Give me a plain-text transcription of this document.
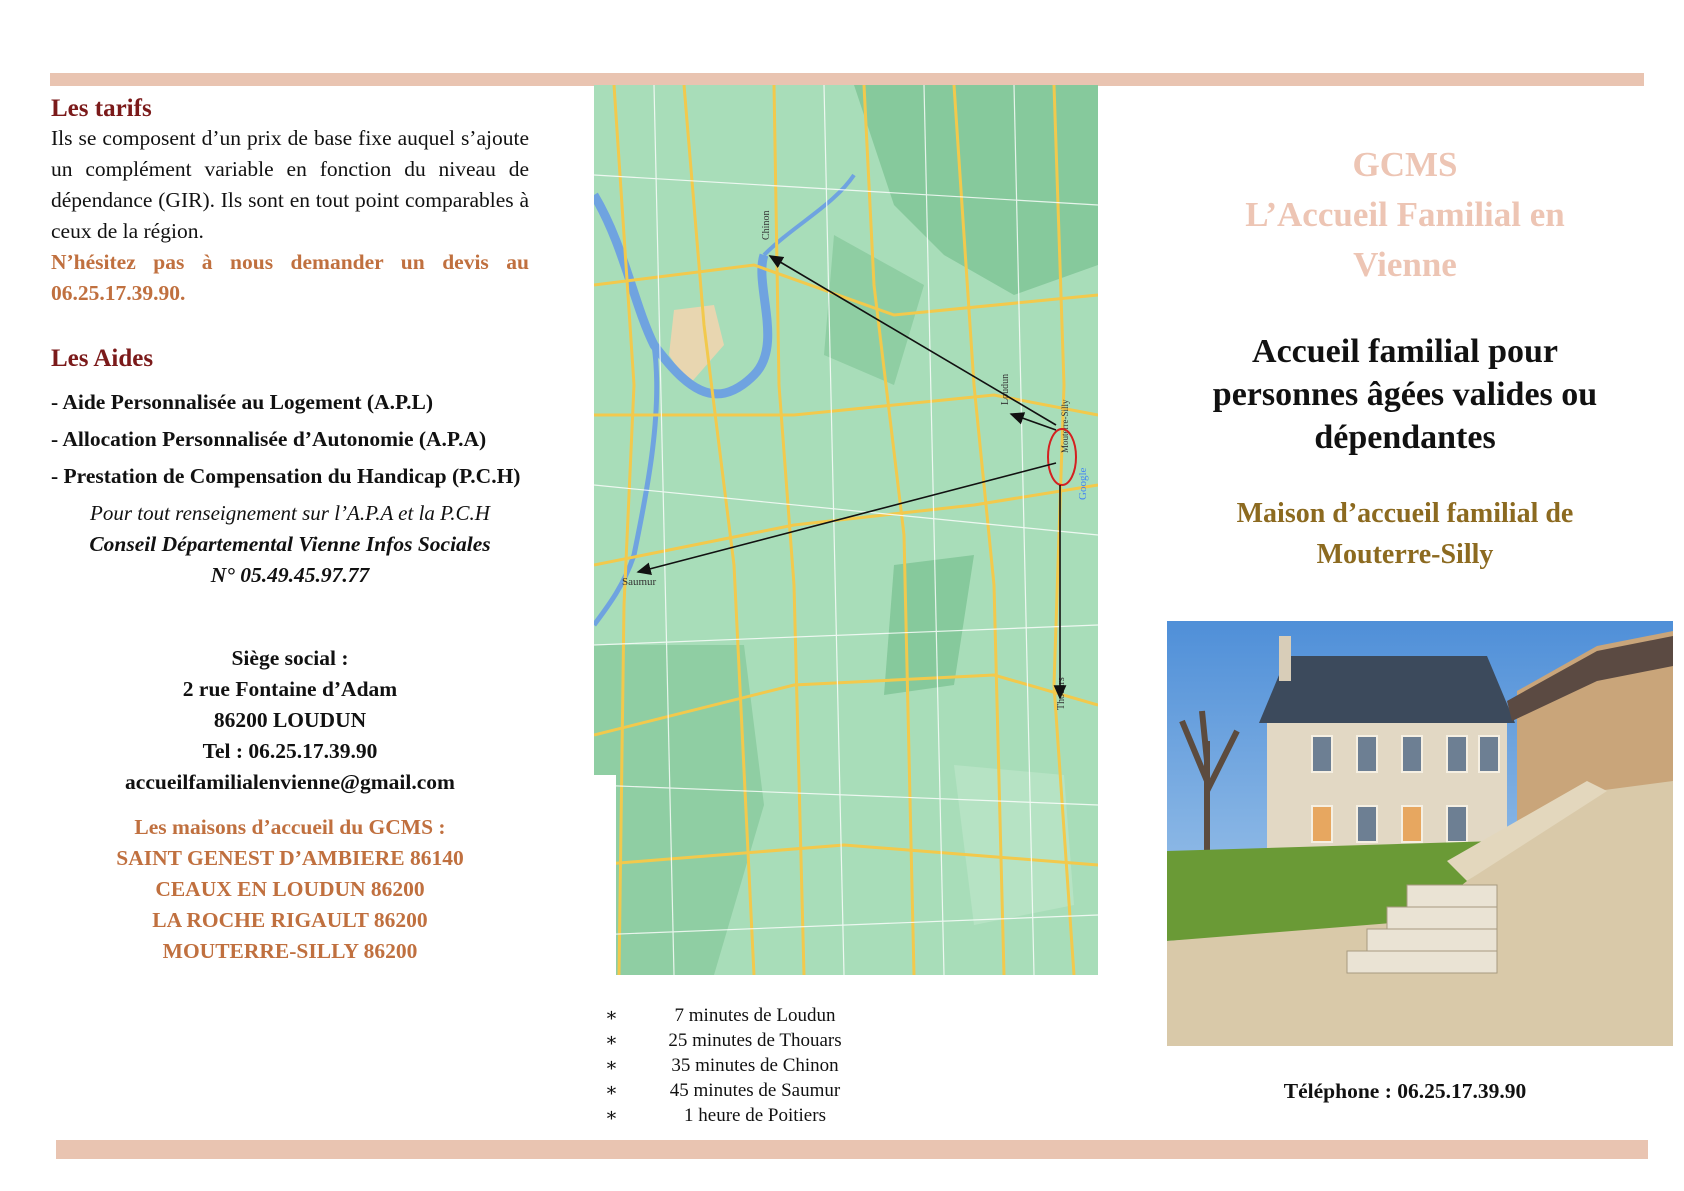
Les tarifs

Ils se composent d’un prix de base fixe auquel s’ajoute un complément variable en fonction du niveau de dépendance (GIR). Ils sont en tout point comparables à ceux de la région.

N’hésitez pas à nous demander un devis au 06.25.17.39.90.

Les Aides

- Aide Personnalisée au Logement (A.P.L)

- Allocation Personnalisée d’Autonomie (A.P.A)

- Prestation de Compensation du Handicap (P.C.H)

Pour tout renseignement sur l’A.P.A et la P.C.H
Conseil Départemental Vienne Infos Sociales
N° 05.49.45.97.77
Siège social :
2 rue Fontaine d’Adam
86200 LOUDUN
Tel : 06.25.17.39.90
accueilfamilialenvienne@gmail.com
Les maisons d’accueil du GCMS :
SAINT GENEST D’AMBIERE 86140
CEAUX EN LOUDUN 86200
LA ROCHE RIGAULT 86200
MOUTERRE-SILLY 86200
Chinon
Loudun
Saumur
Thouars
Mouterre-Silly
Google
∗	7 minutes de Loudun
∗	25 minutes de Thouars
∗	35 minutes de Chinon
∗	45 minutes de Saumur
∗	1 heure de Poitiers
GCMS
L’Accueil Familial en
Vienne
Accueil familial pour
personnes âgées valides ou
dépendantes
Maison d’accueil familial de
Mouterre-Silly
Téléphone : 06.25.17.39.90
